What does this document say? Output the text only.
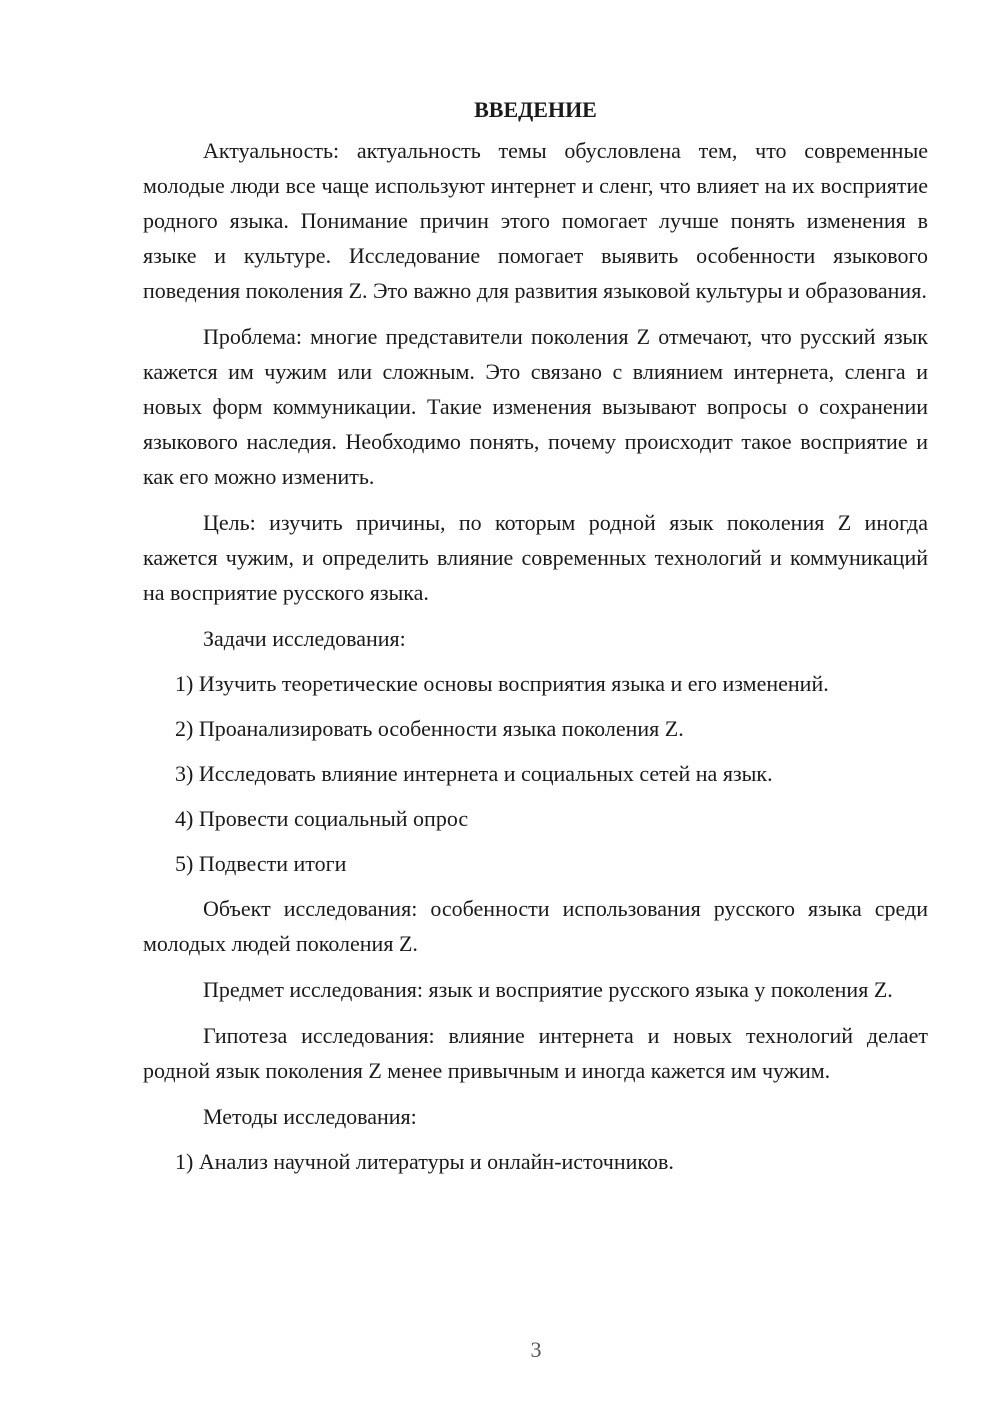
ВВЕДЕНИЕ

Актуальность: актуальность темы обусловлена тем, что современные молодые люди все чаще используют интернет и сленг, что влияет на их восприятие родного языка. Понимание причин этого помогает лучше понять изменения в языке и культуре. Исследование помогает выявить особенности языкового поведения поколения Z. Это важно для развития языковой культуры и образования.

Проблема: многие представители поколения Z отмечают, что русский язык кажется им чужим или сложным. Это связано с влиянием интернета, сленга и новых форм коммуникации. Такие изменения вызывают вопросы о сохранении языкового наследия. Необходимо понять, почему происходит такое восприятие и как его можно изменить.

Цель: изучить причины, по которым родной язык поколения Z иногда кажется чужим, и определить влияние современных технологий и коммуникаций на восприятие русского языка.

Задачи исследования:

1) Изучить теоретические основы восприятия языка и его изменений.
2) Проанализировать особенности языка поколения Z.
3) Исследовать влияние интернета и социальных сетей на язык.
4) Провести социальный опрос
5) Подвести итоги

Объект исследования: особенности использования русского языка среди молодых людей поколения Z.

Предмет исследования: язык и восприятие русского языка у поколения Z.

Гипотеза исследования: влияние интернета и новых технологий делает родной язык поколения Z менее привычным и иногда кажется им чужим.

Методы исследования:

1) Анализ научной литературы и онлайн-источников.
3
